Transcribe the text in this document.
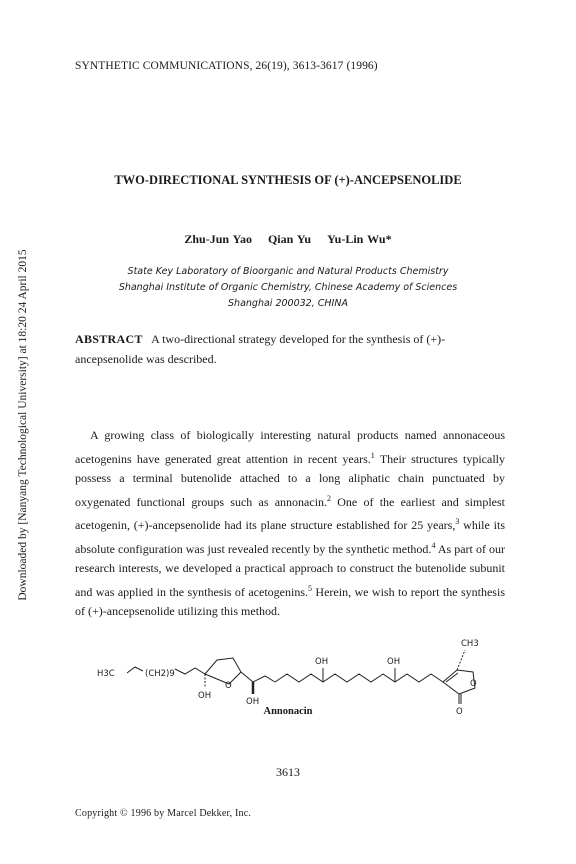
SYNTHETIC COMMUNICATIONS, 26(19), 3613-3617 (1996)
Downloaded by [Nanyang Technological University] at 18:20 24 April 2015
TWO-DIRECTIONAL SYNTHESIS OF (+)-ANCEPSENOLIDE
Zhu-Jun Yao Qian Yu Yu-Lin Wu*
State Key Laboratory of Bioorganic and Natural Products Chemistry
Shanghai Institute of Organic Chemistry, Chinese Academy of Sciences
Shanghai 200032, CHINA
ABSTRACT A two-directional strategy developed for the synthesis of (+)-ancepsenolide was described.
A growing class of biologically interesting natural products named annonaceous acetogenins have generated great attention in recent years.$^1$ Their structures typically possess a terminal butenolide attached to a long aliphatic chain punctuated by oxygenated functional groups such as annonacin.$^2$ One of the earliest and simplest acetogenin, (+)-ancepsenolide had its plane structure established for 25 years,$^3$ while its absolute configuration was just revealed recently by the synthetic method.$^4$ As part of our research interests, we developed a practical approach to construct the butenolide subunit and was applied in the synthesis of acetogenins.$^5$ Herein, we wish to report the synthesis of (+)-ancepsenolide utilizing this method.
H3C	(CH2)9
OH
O
OH
OH	OH
O
O
CH3
Annonacin
3613
Copyright © 1996 by Marcel Dekker, Inc.
